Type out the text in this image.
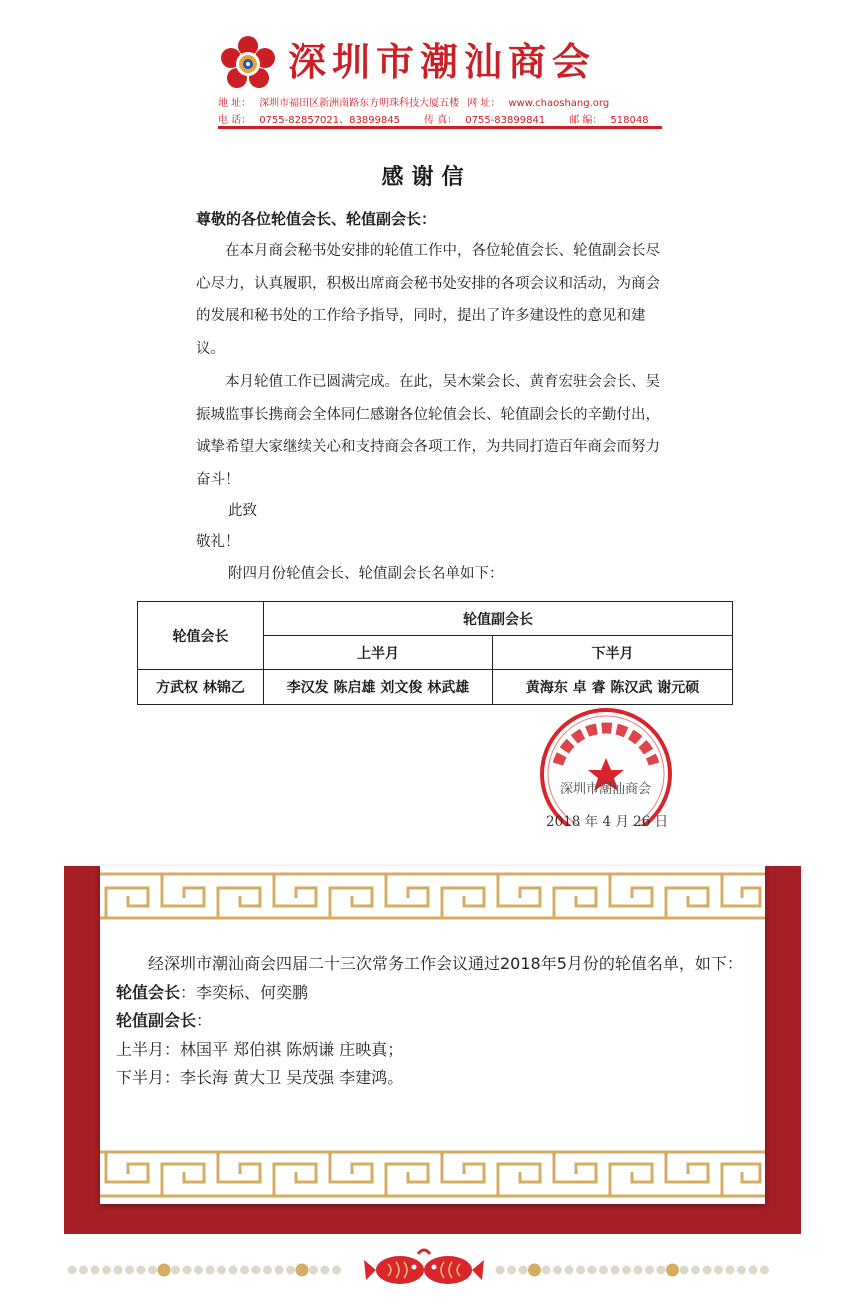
深圳市潮汕商会
地 址： 深圳市福田区新洲南路东方明珠科技大厦五楼 网 址： www.chaoshang.org
电 话： 0755-82857021、83899845 传 真： 0755-83899841 邮 编： 518048
感谢信
尊敬的各位轮值会长、轮值副会长：

在本月商会秘书处安排的轮值工作中，各位轮值会长、轮值副会长尽心尽力，认真履职，积极出席商会秘书处安排的各项会议和活动，为商会的发展和秘书处的工作给予指导，同时，提出了许多建设性的意见和建议。

本月轮值工作已圆满完成。在此，吴木棠会长、黄育宏驻会会长、吴振城监事长携商会全体同仁感谢各位轮值会长、轮值副会长的辛勤付出，诚挚希望大家继续关心和支持商会各项工作，为共同打造百年商会而努力奋斗！

此致
敬礼！
附四月份轮值会长、轮值副会长名单如下：
轮值会长	轮值副会长	
	上半月	下半月
方武权 林锦乙	李汉发 陈启雄 刘文俊 林武雄	黄海东 卓 睿 陈汉武 谢元硕
深圳市潮汕商会
2018 年 4 月 26 日

经深圳市潮汕商会四届二十三次常务工作会议通过2018年5月份的轮值名单，如下：

轮值会长：李奕标、何奕鹏

轮值副会长：

上半月：林国平 郑伯祺 陈炳谦 庄映真；

下半月：李长海 黄大卫 吴茂强 李建鸿。
